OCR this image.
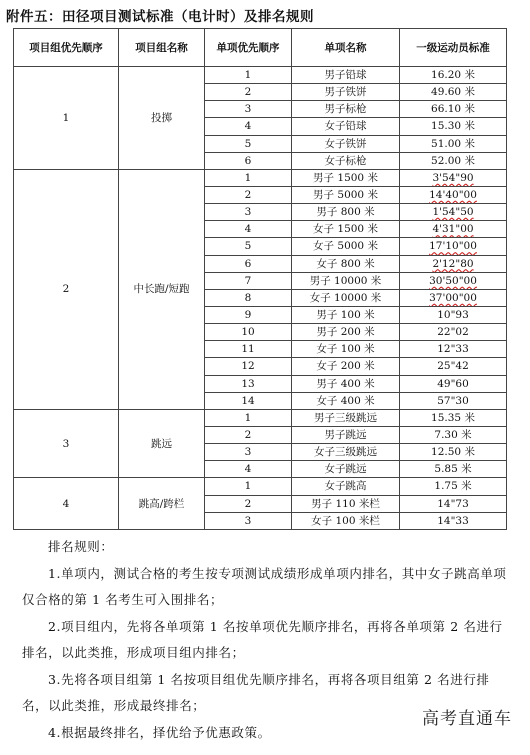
附件五：田径项目测试标准（电计时）及排名规则
项目组优先顺序	项目组名称	单项优先顺序	单项名称	一级运动员标准
1	投掷	1	男子铅球	16.20 米
		2	男子铁饼	49.60 米
		3	男子标枪	66.10 米
		4	女子铅球	15.30 米
		5	女子铁饼	51.00 米
		6	女子标枪	52.00 米
2	中长跑/短跑	1	男子 1500 米	3'54"90
		2	男子 5000 米	14'40"00
		3	男子 800 米	1'54"50
		4	女子 1500 米	4'31"00
		5	女子 5000 米	17'10"00
		6	女子 800 米	2'12"80
		7	男子 10000 米	30'50"00
		8	女子 10000 米	37'00"00
		9	男子 100 米	10"93
		10	男子 200 米	22"02
		11	女子 100 米	12"33
		12	女子 200 米	25"42
		13	男子 400 米	49"60
		14	女子 400 米	57"30
3	跳远	1	男子三级跳远	15.35 米
		2	男子跳远	7.30 米
		3	女子三级跳远	12.50 米
		4	女子跳远	5.85 米
4	跳高/跨栏	1	女子跳高	1.75 米
		2	男子 110 米栏	14"73
		3	女子 100 米栏	14"33

排名规则：

1.单项内，测试合格的考生按专项测试成绩形成单项内排名，其中女子跳高单项仅合格的第 1 名考生可入围排名；

2.项目组内，先将各单项第 1 名按单项优先顺序排名，再将各单项第 2 名进行排名，以此类推，形成项目组内排名；

3.先将各项目组第 1 名按项目组优先顺序排名，再将各项目组第 2 名进行排名，以此类推，形成最终排名；

4.根据最终排名，择优给予优惠政策。

高考直通车
